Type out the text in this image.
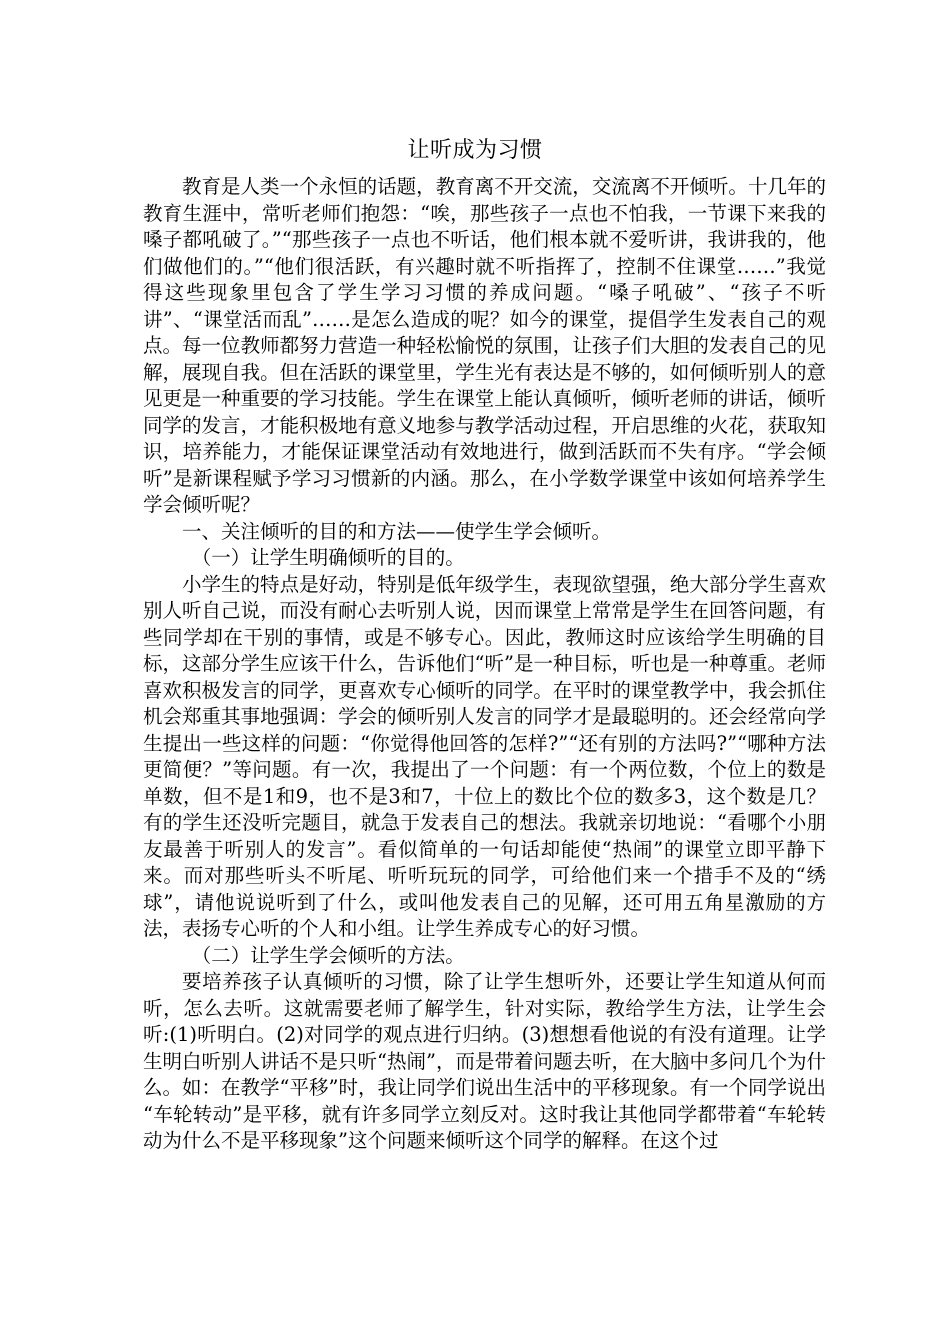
让听成为习惯

教育是人类一个永恒的话题，教育离不开交流，交流离不开倾听。十几年的教育生涯中，常听老师们抱怨：“唉，那些孩子一点也不怕我，一节课下来我的嗓子都吼破了。”“那些孩子一点也不听话，他们根本就不爱听讲，我讲我的，他们做他们的。”“他们很活跃，有兴趣时就不听指挥了，控制不住课堂……”我觉得这些现象里包含了学生学习习惯的养成问题。“嗓子吼破”、“孩子不听讲”、“课堂活而乱”……是怎么造成的呢？如今的课堂，提倡学生发表自己的观点。每一位教师都努力营造一种轻松愉悦的氛围，让孩子们大胆的发表自己的见解，展现自我。但在活跃的课堂里，学生光有表达是不够的，如何倾听别人的意见更是一种重要的学习技能。学生在课堂上能认真倾听，倾听老师的讲话，倾听同学的发言，才能积极地有意义地参与教学活动过程，开启思维的火花，获取知识，培养能力，才能保证课堂活动有效地进行，做到活跃而不失有序。“学会倾听”是新课程赋予学习习惯新的内涵。那么，在小学数学课堂中该如何培养学生学会倾听呢？

一、关注倾听的目的和方法——使学生学会倾听。

（一）让学生明确倾听的目的。

小学生的特点是好动，特别是低年级学生，表现欲望强，绝大部分学生喜欢别人听自己说，而没有耐心去听别人说，因而课堂上常常是学生在回答问题，有些同学却在干别的事情，或是不够专心。因此，教师这时应该给学生明确的目标，这部分学生应该干什么，告诉他们“听”是一种目标，听也是一种尊重。老师喜欢积极发言的同学，更喜欢专心倾听的同学。在平时的课堂教学中，我会抓住机会郑重其事地强调：学会的倾听别人发言的同学才是最聪明的。还会经常向学生提出一些这样的问题：“你觉得他回答的怎样?”“还有别的方法吗?”“哪种方法更简便？”等问题。有一次，我提出了一个问题：有一个两位数，个位上的数是单数，但不是1和9，也不是3和7，十位上的数比个位的数多3，这个数是几？有的学生还没听完题目，就急于发表自己的想法。我就亲切地说：“看哪个小朋友最善于听别人的发言”。看似简单的一句话却能使“热闹”的课堂立即平静下来。而对那些听头不听尾、听听玩玩的同学，可给他们来一个措手不及的“绣球”，请他说说听到了什么，或叫他发表自己的见解，还可用五角星激励的方法，表扬专心听的个人和小组。让学生养成专心的好习惯。

（二）让学生学会倾听的方法。

要培养孩子认真倾听的习惯，除了让学生想听外，还要让学生知道从何而听，怎么去听。这就需要老师了解学生，针对实际，教给学生方法，让学生会听:(1)听明白。(2)对同学的观点进行归纳。(3)想想看他说的有没有道理。让学生明白听别人讲话不是只听“热闹”，而是带着问题去听，在大脑中多问几个为什么。如：在教学“平移”时，我让同学们说出生活中的平移现象。有一个同学说出 “车轮转动”是平移，就有许多同学立刻反对。这时我让其他同学都带着“车轮转动为什么不是平移现象”这个问题来倾听这个同学的解释。在这个过
